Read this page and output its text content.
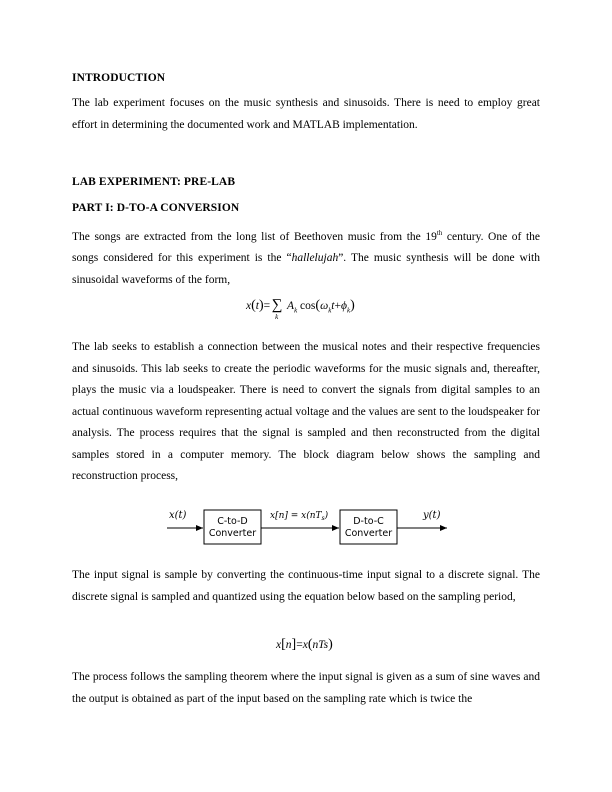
INTRODUCTION
The lab experiment focuses on the music synthesis and sinusoids. There is need to employ great effort in determining the documented work and MATLAB implementation.
LAB EXPERIMENT: PRE-LAB
PART I: D-TO-A CONVERSION
The songs are extracted from the long list of Beethoven music from the 19th century. One of the songs considered for this experiment is the “hallelujah”. The music synthesis will be done with sinusoidal waveforms of the form,
x(t)= ∑
k
$A_k$ $\cos(\omega_kt+\phi_k)$
The lab seeks to establish a connection between the musical notes and their respective frequencies and sinusoids. This lab seeks to create the periodic waveforms for the music signals and, thereafter, plays the music via a loudspeaker. There is need to convert the signals from digital samples to an actual continuous waveform representing actual voltage and the values are sent to the loudspeaker for analysis. The process requires that the signal is sampled and then reconstructed from the digital samples stored in a computer memory. The block diagram below shows the sampling and reconstruction process,
x(t)
C-to-D
Converter
$x[n] = x(nT_s)$	D-to-C
Converter
y(t)
The input signal is sample by converting the continuous-time input signal to a discrete signal. The discrete signal is sampled and quantized using the equation below based on the sampling period,
x[n]=x(nTs)
The process follows the sampling theorem where the input signal is given as a sum of sine waves and the output is obtained as part of the input based on the sampling rate which is twice the
